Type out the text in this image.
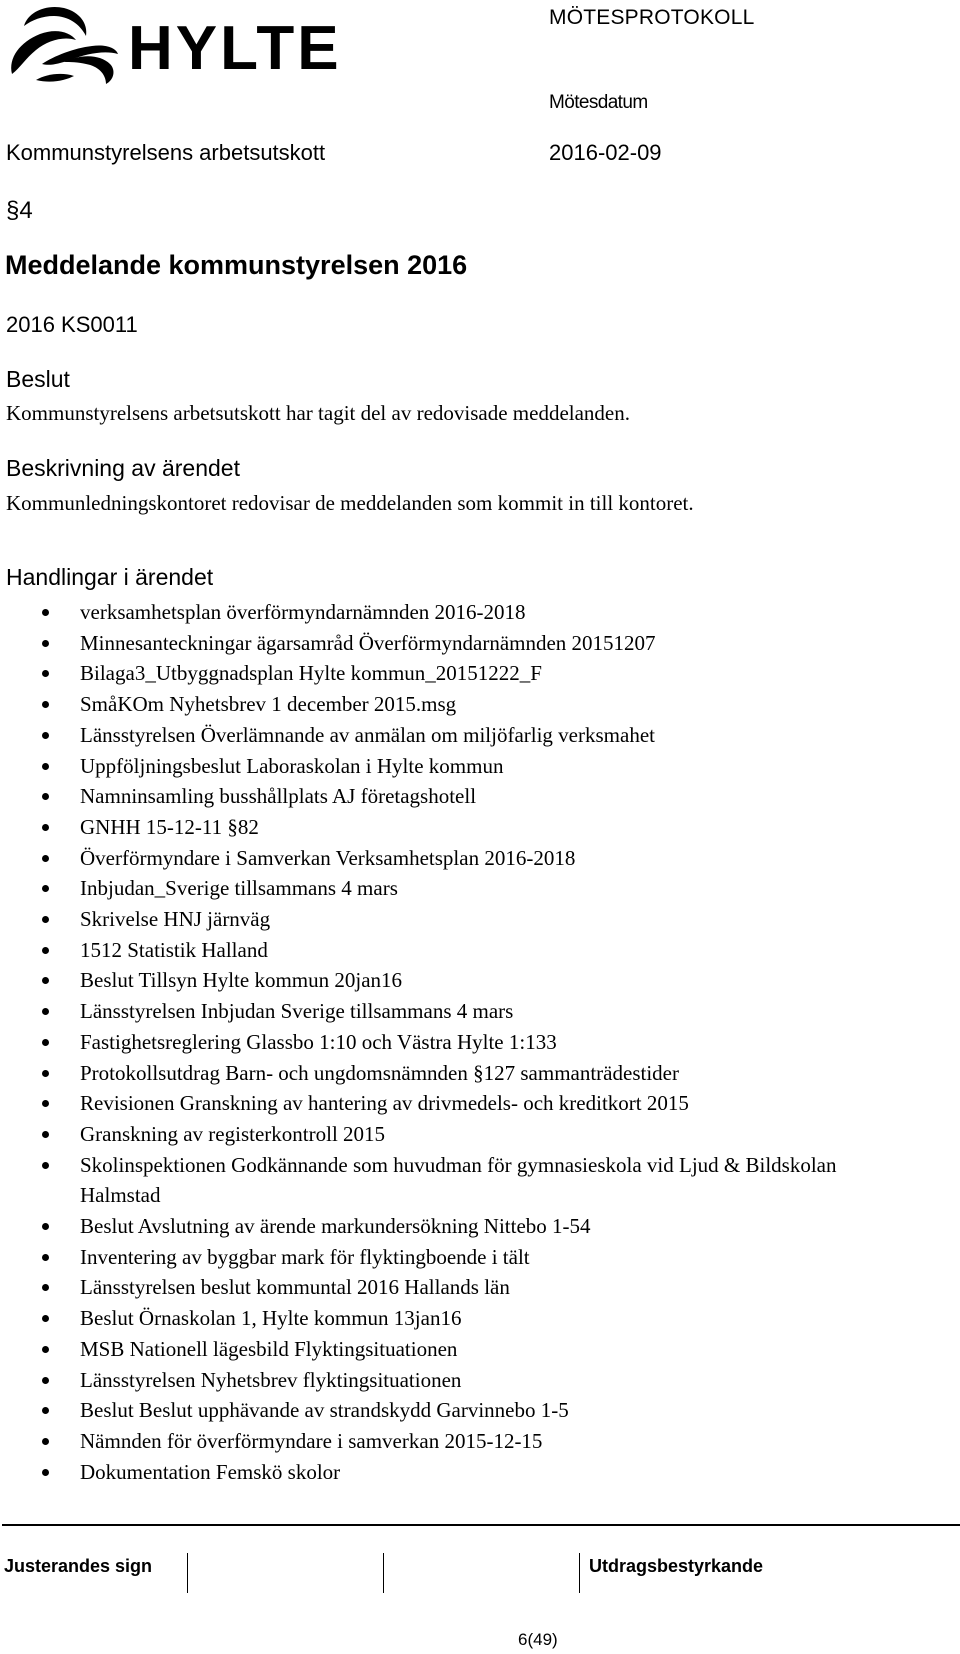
HYLTE	MÖTESPROTOKOLL
Mötesdatum
Kommunstyrelsens arbetsutskott	2016-02-09
§4
Meddelande kommunstyrelsen 2016
2016 KS0011
Beslut
Kommunstyrelsens arbetsutskott har tagit del av redovisade meddelanden.
Beskrivning av ärendet
Kommunledningskontoret redovisar de meddelanden som kommit in till kontoret.
Handlingar i ärendet
verksamhetsplan överförmyndarnämnden 2016-2018
Minnesanteckningar ägarsamråd Överförmyndarnämnden 20151207
Bilaga3_Utbyggnadsplan Hylte kommun_20151222_F
SmåKOm Nyhetsbrev 1 december 2015.msg
Länsstyrelsen Överlämnande av anmälan om miljöfarlig verksmahet
Uppföljningsbeslut Laboraskolan i Hylte kommun
Namninsamling busshållplats AJ företagshotell
GNHH 15-12-11 §82
Överförmyndare i Samverkan Verksamhetsplan 2016-2018
Inbjudan_Sverige tillsammans 4 mars
Skrivelse HNJ järnväg
1512 Statistik Halland
Beslut Tillsyn Hylte kommun 20jan16
Länsstyrelsen Inbjudan Sverige tillsammans 4 mars
Fastighetsreglering Glassbo 1:10 och Västra Hylte 1:133
Protokollsutdrag Barn- och ungdomsnämnden §127 sammanträdestider
Revisionen Granskning av hantering av drivmedels- och kreditkort 2015
Granskning av registerkontroll 2015
Skolinspektionen Godkännande som huvudman för gymnasieskola vid Ljud & Bildskolan Halmstad
Beslut Avslutning av ärende markundersökning Nittebo 1-54
Inventering av byggbar mark för flyktingboende i tält
Länsstyrelsen beslut kommuntal 2016 Hallands län
Beslut Örnaskolan 1, Hylte kommun 13jan16
MSB Nationell lägesbild Flyktingsituationen
Länsstyrelsen Nyhetsbrev flyktingsituationen
Beslut Beslut upphävande av strandskydd Garvinnebo 1-5
Nämnden för överförmyndare i samverkan 2015-12-15
Dokumentation Femskö skolor
Justerandes sign	Utdragsbestyrkande
6(49)
